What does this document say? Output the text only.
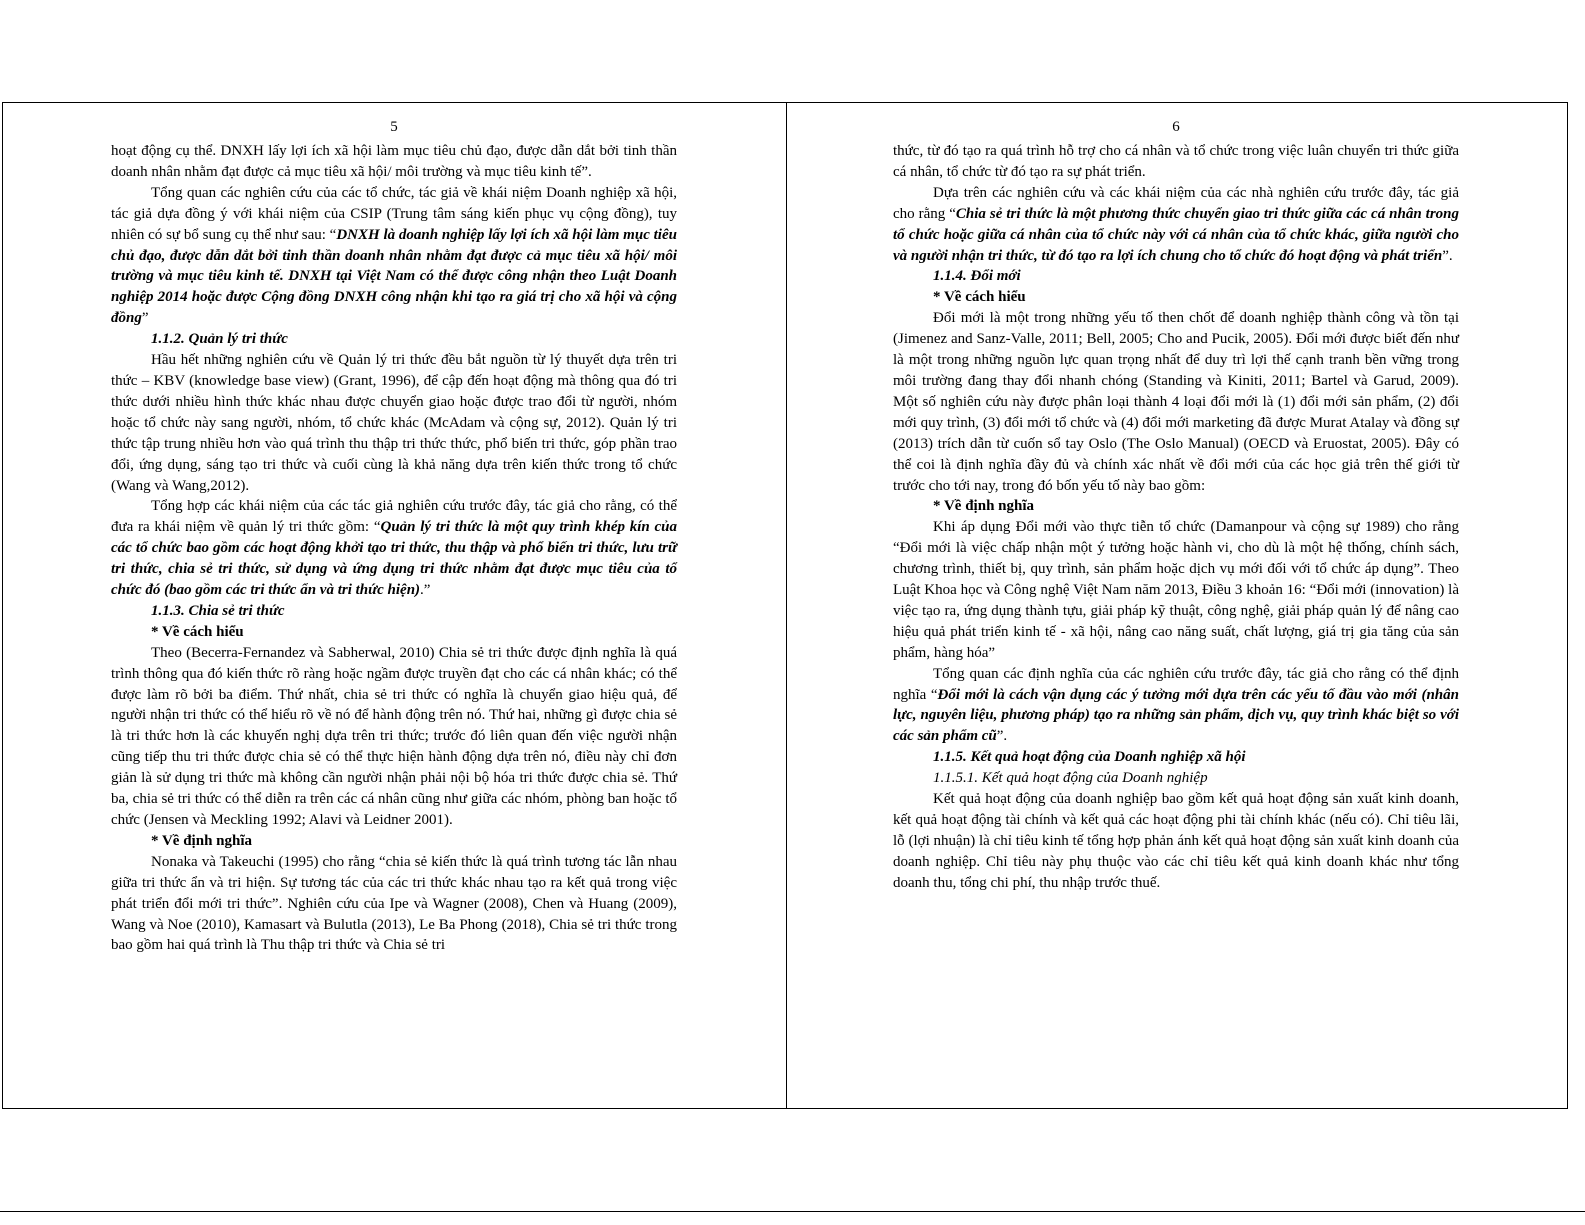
5

hoạt động cụ thể. DNXH lấy lợi ích xã hội làm mục tiêu chủ đạo, được dẫn dắt bởi tinh thần doanh nhân nhằm đạt được cả mục tiêu xã hội/ môi trường và mục tiêu kinh tế”.

Tổng quan các nghiên cứu của các tổ chức, tác giả về khái niệm Doanh nghiệp xã hội, tác giả dựa đồng ý với khái niệm của CSIP (Trung tâm sáng kiến phục vụ cộng đồng), tuy nhiên có sự bổ sung cụ thể như sau: “DNXH là doanh nghiệp lấy lợi ích xã hội làm mục tiêu chủ đạo, được dẫn dắt bởi tinh thần doanh nhân nhằm đạt được cả mục tiêu xã hội/ môi trường và mục tiêu kinh tế. DNXH tại Việt Nam có thể được công nhận theo Luật Doanh nghiệp 2014 hoặc được Cộng đồng DNXH công nhận khi tạo ra giá trị cho xã hội và cộng đồng”

1.1.2. Quản lý tri thức

Hầu hết những nghiên cứu về Quản lý tri thức đều bắt nguồn từ lý thuyết dựa trên tri thức – KBV (knowledge base view) (Grant, 1996), để cập đến hoạt động mà thông qua đó tri thức dưới nhiều hình thức khác nhau được chuyển giao hoặc được trao đổi từ người, nhóm hoặc tổ chức này sang người, nhóm, tổ chức khác (McAdam và cộng sự, 2012). Quản lý tri thức tập trung nhiều hơn vào quá trình thu thập tri thức thức, phổ biến tri thức, góp phần trao đổi, ứng dụng, sáng tạo tri thức và cuối cùng là khả năng dựa trên kiến thức trong tổ chức (Wang và Wang,2012).

Tổng hợp các khái niệm của các tác giả nghiên cứu trước đây, tác giả cho rằng, có thể đưa ra khái niệm về quản lý tri thức gồm: “Quản lý tri thức là một quy trình khép kín của các tổ chức bao gồm các hoạt động khởi tạo tri thức, thu thập và phổ biến tri thức, lưu trữ tri thức, chia sẻ tri thức, sử dụng và ứng dụng tri thức nhằm đạt được mục tiêu của tổ chức đó (bao gồm các tri thức ẩn và tri thức hiện).”

1.1.3. Chia sẻ tri thức

* Về cách hiểu

Theo (Becerra-Fernandez và Sabherwal, 2010) Chia sẻ tri thức được định nghĩa là quá trình thông qua đó kiến thức rõ ràng hoặc ngầm được truyền đạt cho các cá nhân khác; có thể được làm rõ bởi ba điểm. Thứ nhất, chia sẻ tri thức có nghĩa là chuyển giao hiệu quả, để người nhận tri thức có thể hiểu rõ về nó để hành động trên nó. Thứ hai, những gì được chia sẻ là tri thức hơn là các khuyến nghị dựa trên tri thức; trước đó liên quan đến việc người nhận cũng tiếp thu tri thức được chia sẻ có thể thực hiện hành động dựa trên nó, điều này chỉ đơn giản là sử dụng tri thức mà không cần người nhận phải nội bộ hóa tri thức được chia sẻ. Thứ ba, chia sẻ tri thức có thể diễn ra trên các cá nhân cũng như giữa các nhóm, phòng ban hoặc tổ chức (Jensen và Meckling 1992; Alavi và Leidner 2001).

* Về định nghĩa

Nonaka và Takeuchi (1995) cho rằng “chia sẻ kiến thức là quá trình tương tác lẫn nhau giữa tri thức ẩn và tri hiện. Sự tương tác của các tri thức khác nhau tạo ra kết quả trong việc phát triển đổi mới tri thức”. Nghiên cứu của Ipe và Wagner (2008), Chen và Huang (2009), Wang và Noe (2010), Kamasart và Bulutla (2013), Le Ba Phong (2018), Chia sẻ tri thức trong bao gồm hai quá trình là Thu thập tri thức và Chia sẻ tri

6

thức, từ đó tạo ra quá trình hỗ trợ cho cá nhân và tổ chức trong việc luân chuyển tri thức giữa cá nhân, tổ chức từ đó tạo ra sự phát triển.

Dựa trên các nghiên cứu và các khái niệm của các nhà nghiên cứu trước đây, tác giả cho rằng “Chia sẻ tri thức là một phương thức chuyển giao tri thức giữa các cá nhân trong tổ chức hoặc giữa cá nhân của tổ chức này với cá nhân của tổ chức khác, giữa người cho và người nhận tri thức, từ đó tạo ra lợi ích chung cho tổ chức đó hoạt động và phát triển”.

1.1.4. Đổi mới

* Về cách hiểu

Đổi mới là một trong những yếu tố then chốt để doanh nghiệp thành công và tồn tại (Jimenez and Sanz-Valle, 2011; Bell, 2005; Cho and Pucik, 2005). Đổi mới được biết đến như là một trong những nguồn lực quan trọng nhất để duy trì lợi thế cạnh tranh bền vững trong môi trường đang thay đổi nhanh chóng (Standing và Kiniti, 2011; Bartel và Garud, 2009). Một số nghiên cứu này được phân loại thành 4 loại đổi mới là (1) đổi mới sản phẩm, (2) đổi mới quy trình, (3) đổi mới tổ chức và (4) đổi mới marketing đã được Murat Atalay và đồng sự (2013) trích dẫn từ cuốn sổ tay Oslo (The Oslo Manual) (OECD và Eruostat, 2005). Đây có thể coi là định nghĩa đầy đủ và chính xác nhất về đổi mới của các học giả trên thế giới từ trước cho tới nay, trong đó bốn yếu tố này bao gồm:

* Về định nghĩa

Khi áp dụng Đổi mới vào thực tiễn tổ chức (Damanpour và cộng sự 1989) cho rằng “Đổi mới là việc chấp nhận một ý tưởng hoặc hành vi, cho dù là một hệ thống, chính sách, chương trình, thiết bị, quy trình, sản phẩm hoặc dịch vụ mới đối với tổ chức áp dụng”. Theo Luật Khoa học và Công nghệ Việt Nam năm 2013, Điều 3 khoản 16: “Đổi mới (innovation) là việc tạo ra, ứng dụng thành tựu, giải pháp kỹ thuật, công nghệ, giải pháp quản lý để nâng cao hiệu quả phát triển kinh tế - xã hội, nâng cao năng suất, chất lượng, giá trị gia tăng của sản phẩm, hàng hóa”

Tổng quan các định nghĩa của các nghiên cứu trước đây, tác giả cho rằng có thể định nghĩa “Đổi mới là cách vận dụng các ý tưởng mới dựa trên các yếu tố đầu vào mới (nhân lực, nguyên liệu, phương pháp) tạo ra những sản phẩm, dịch vụ, quy trình khác biệt so với các sản phẩm cũ”.

1.1.5. Kết quả hoạt động của Doanh nghiệp xã hội

1.1.5.1. Kết quả hoạt động của Doanh nghiệp

Kết quả hoạt động của doanh nghiệp bao gồm kết quả hoạt động sản xuất kinh doanh, kết quả hoạt động tài chính và kết quả các hoạt động phi tài chính khác (nếu có). Chỉ tiêu lãi, lỗ (lợi nhuận) là chỉ tiêu kinh tế tổng hợp phản ánh kết quả hoạt động sản xuất kinh doanh của doanh nghiệp. Chỉ tiêu này phụ thuộc vào các chỉ tiêu kết quả kinh doanh khác như tổng doanh thu, tổng chi phí, thu nhập trước thuế.
